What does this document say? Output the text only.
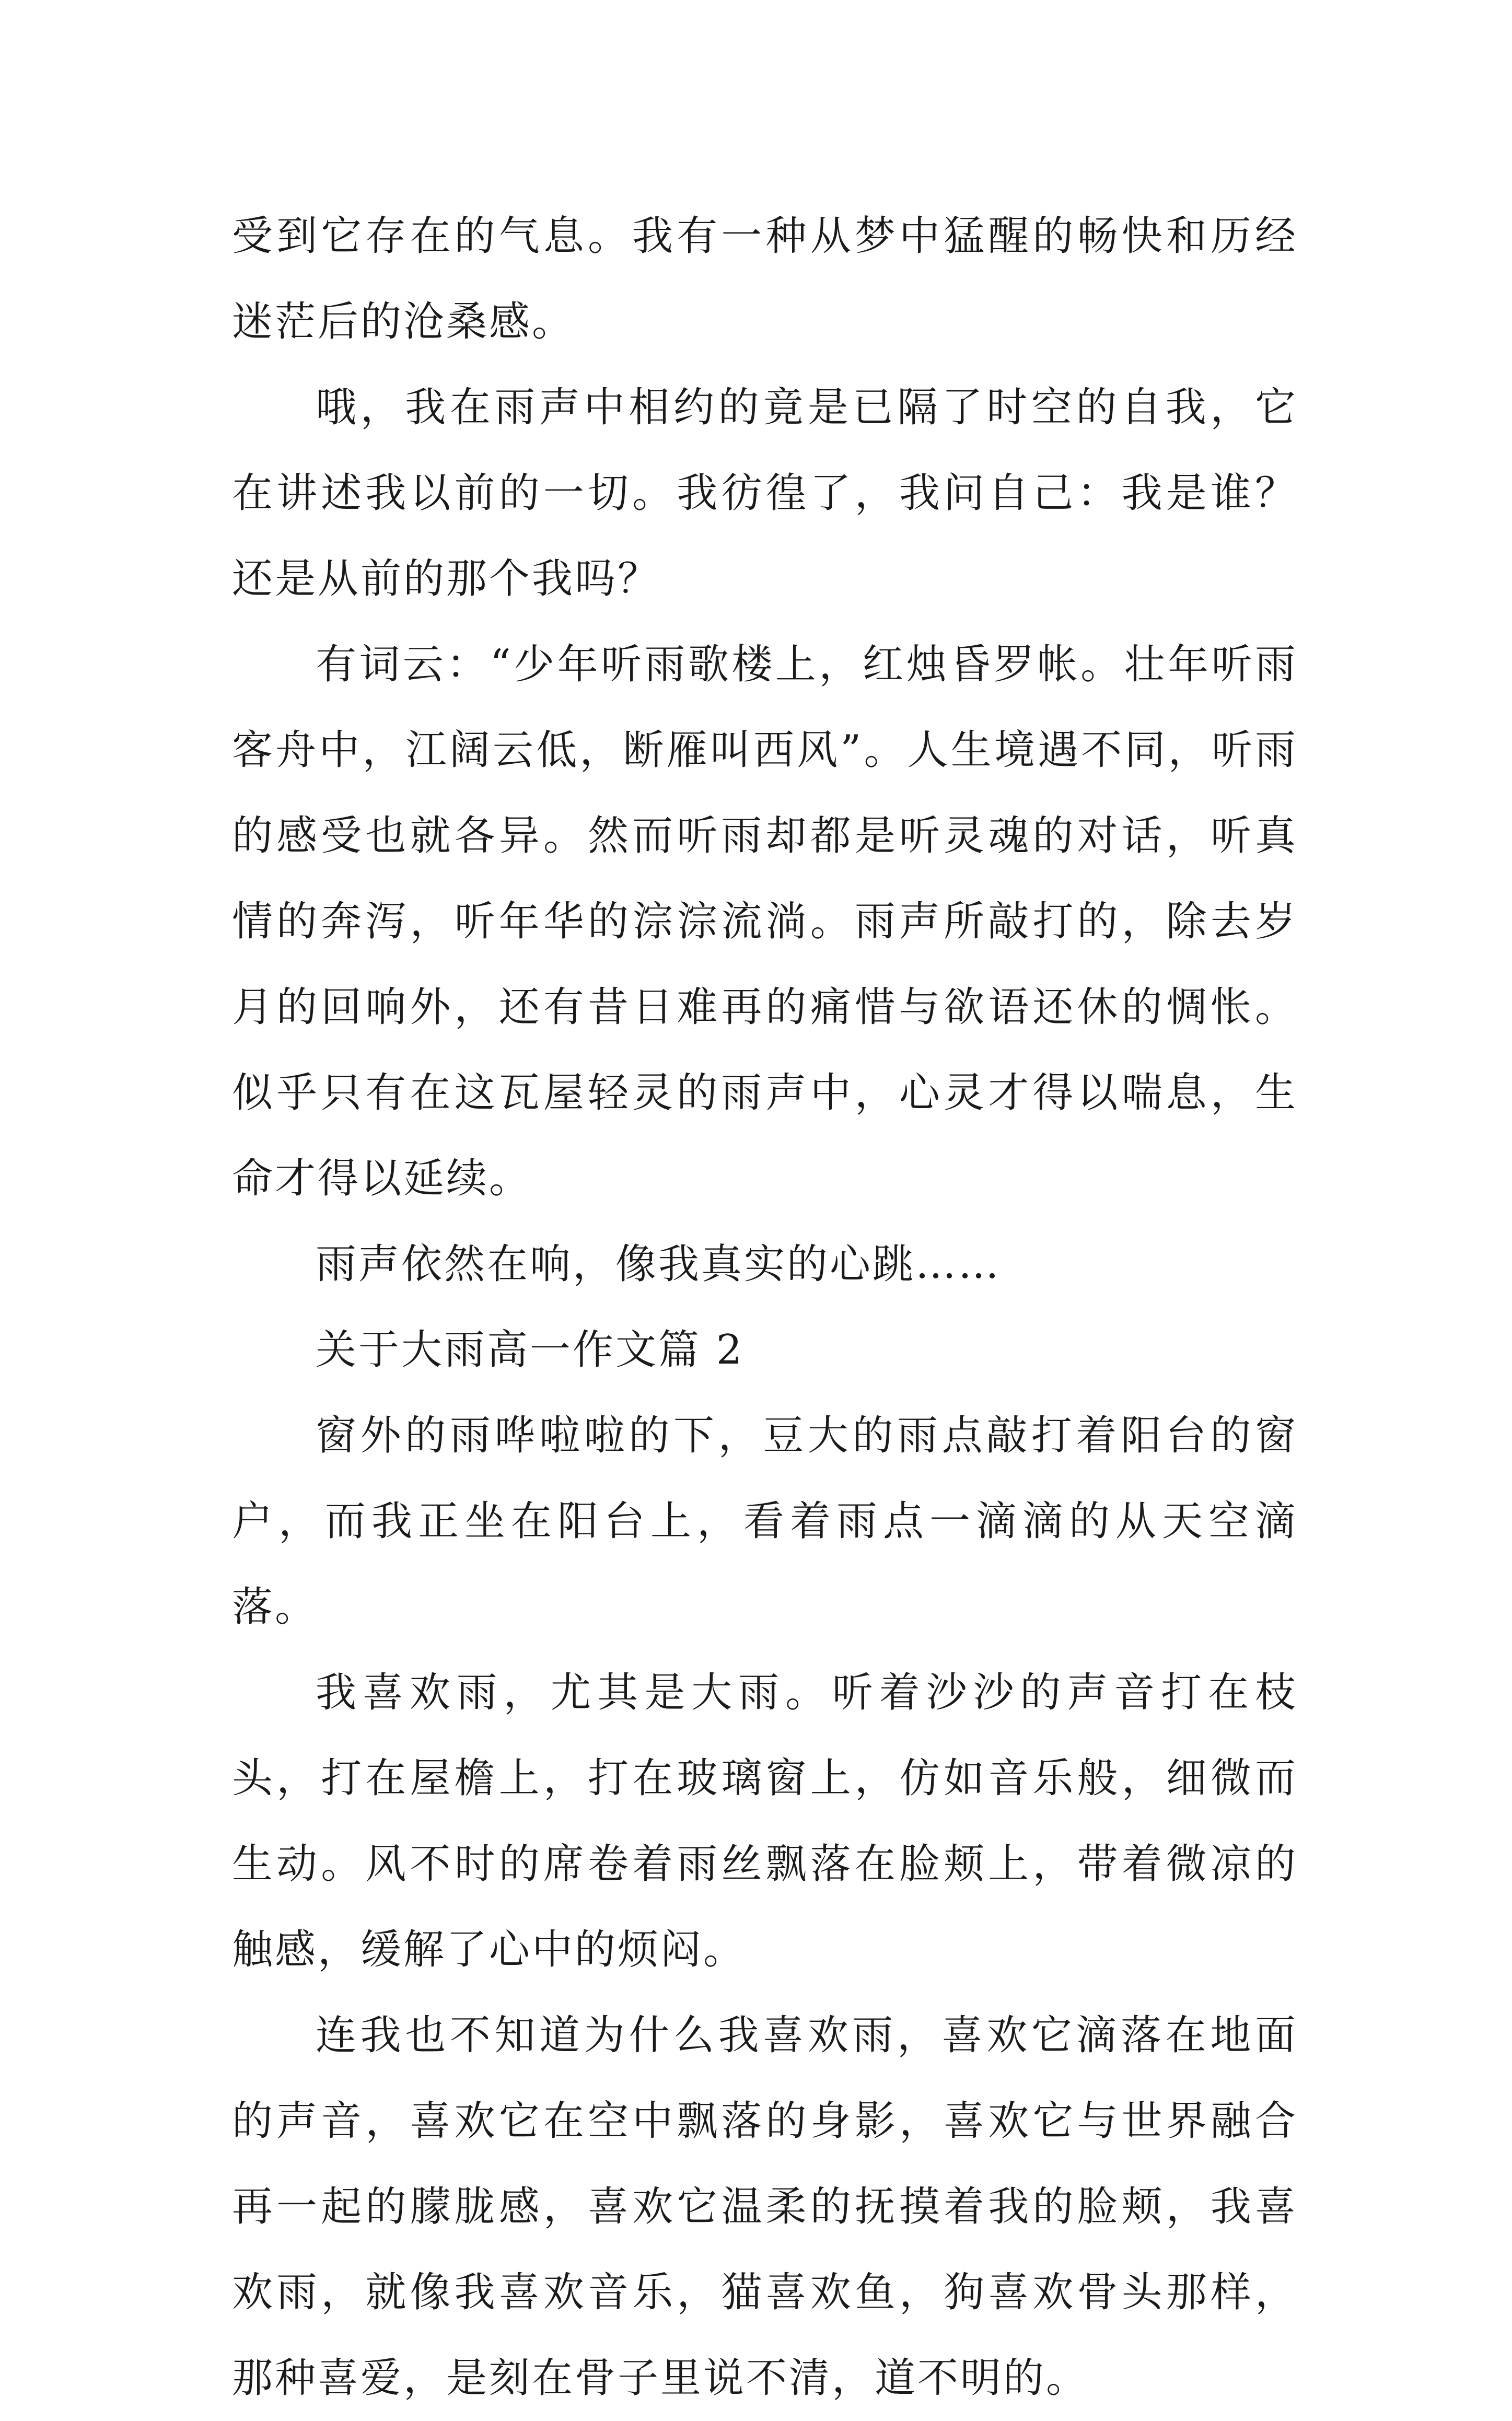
受到它存在的气息。我有一种从梦中猛醒的畅快和历经迷茫后的沧桑感。

哦，我在雨声中相约的竟是已隔了时空的自我，它在讲述我以前的一切。我彷徨了，我问自己：我是谁？还是从前的那个我吗？

有词云：“少年听雨歌楼上，红烛昏罗帐。壮年听雨客舟中，江阔云低，断雁叫西风”。人生境遇不同，听雨的感受也就各异。然而听雨却都是听灵魂的对话，听真情的奔泻，听年华的淙淙流淌。雨声所敲打的，除去岁月的回响外，还有昔日难再的痛惜与欲语还休的惆怅。似乎只有在这瓦屋轻灵的雨声中，心灵才得以喘息，生命才得以延续。

雨声依然在响，像我真实的心跳……

关于大雨高一作文篇 2

窗外的雨哗啦啦的下，豆大的雨点敲打着阳台的窗户，而我正坐在阳台上，看着雨点一滴滴的从天空滴落。

我喜欢雨，尤其是大雨。听着沙沙的声音打在枝头，打在屋檐上，打在玻璃窗上，仿如音乐般，细微而生动。风不时的席卷着雨丝飘落在脸颊上，带着微凉的触感，缓解了心中的烦闷。

连我也不知道为什么我喜欢雨，喜欢它滴落在地面的声音，喜欢它在空中飘落的身影，喜欢它与世界融合再一起的朦胧感，喜欢它温柔的抚摸着我的脸颊，我喜欢雨，就像我喜欢音乐，猫喜欢鱼，狗喜欢骨头那样，那种喜爱，是刻在骨子里说不清，道不明的。
